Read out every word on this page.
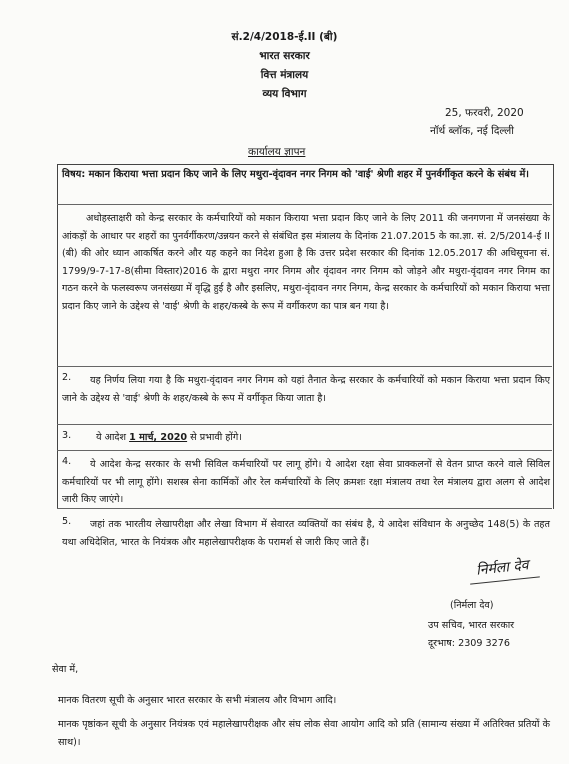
सं.2/4/2018-ई.II (बी)
भारत सरकार
वित्त मंत्रालय
व्यय विभाग
25, फरवरी, 2020
नॉर्थ ब्लॉक, नई दिल्ली
कार्यालय ज्ञापन
विषय: मकान किराया भत्ता प्रदान किए जाने के लिए मथुरा-वृंदावन नगर निगम को 'वाई' श्रेणी शहर में पुनर्वर्गीकृत करने के संबंध में।
अधोहस्ताक्षरी को केन्द्र सरकार के कर्मचारियों को मकान किराया भत्ता प्रदान किए जाने के लिए 2011 की जनगणना में जनसंख्या के आंकड़ों के आधार पर शहरों का पुनर्वर्गीकरण/उन्नयन करने से संबंधित इस मंत्रालय के दिनांक 21.07.2015 के का.ज्ञा. सं. 2/5/2014-ई II (बी) की ओर ध्यान आकर्षित करने और यह कहने का निदेश हुआ है कि उत्तर प्रदेश सरकार की दिनांक 12.05.2017 की अधिसूचना सं. 1799/9-7-17-8(सीमा विस्तार)2016 के द्वारा मथुरा नगर निगम और वृंदावन नगर निगम को जोड़ने और मथुरा-वृंदावन नगर निगम का गठन करने के फलस्वरूप जनसंख्या में वृद्धि हुई है और इसलिए, मथुरा-वृंदावन नगर निगम, केन्द्र सरकार के कर्मचारियों को मकान किराया भत्ता प्रदान किए जाने के उद्देश्य से 'वाई' श्रेणी के शहर/कस्बे के रूप में वर्गीकरण का पात्र बन गया है।
2.	यह निर्णय लिया गया है कि मथुरा-वृंदावन नगर निगम को यहां तैनात केन्द्र सरकार के कर्मचारियों को मकान किराया भत्ता प्रदान किए जाने के उद्देश्य से 'वाई' श्रेणी के शहर/कस्बे के रूप में वर्गीकृत किया जाता है।
3.	ये आदेश 1 मार्च, 2020 से प्रभावी होंगे।
4.	ये आदेश केन्द्र सरकार के सभी सिविल कर्मचारियों पर लागू होंगे। ये आदेश रक्षा सेवा प्राक्कलनों से वेतन प्राप्त करने वाले सिविल कर्मचारियों पर भी लागू होंगे। सशस्त्र सेना कार्मिकों और रेल कर्मचारियों के लिए क्रमशः रक्षा मंत्रालय तथा रेल मंत्रालय द्वारा अलग से आदेश जारी किए जाएंगे।
5.	जहां तक भारतीय लेखापरीक्षा और लेखा विभाग में सेवारत व्यक्तियों का संबंध है, ये आदेश संविधान के अनुच्छेद 148(5) के तहत यथा अधिदेशित, भारत के नियंत्रक और महालेखापरीक्षक के परामर्श से जारी किए जाते हैं।
निर्मला देव
(निर्मला देव)
उप सचिव, भारत सरकार
दूरभाष: 2309 3276
सेवा में,
मानक वितरण सूची के अनुसार भारत सरकार के सभी मंत्रालय और विभाग आदि।
मानक पृष्ठांकन सूची के अनुसार नियंत्रक एवं महालेखापरीक्षक और संघ लोक सेवा आयोग आदि को प्रति (सामान्य संख्या में अतिरिक्त प्रतियों के साथ)।
